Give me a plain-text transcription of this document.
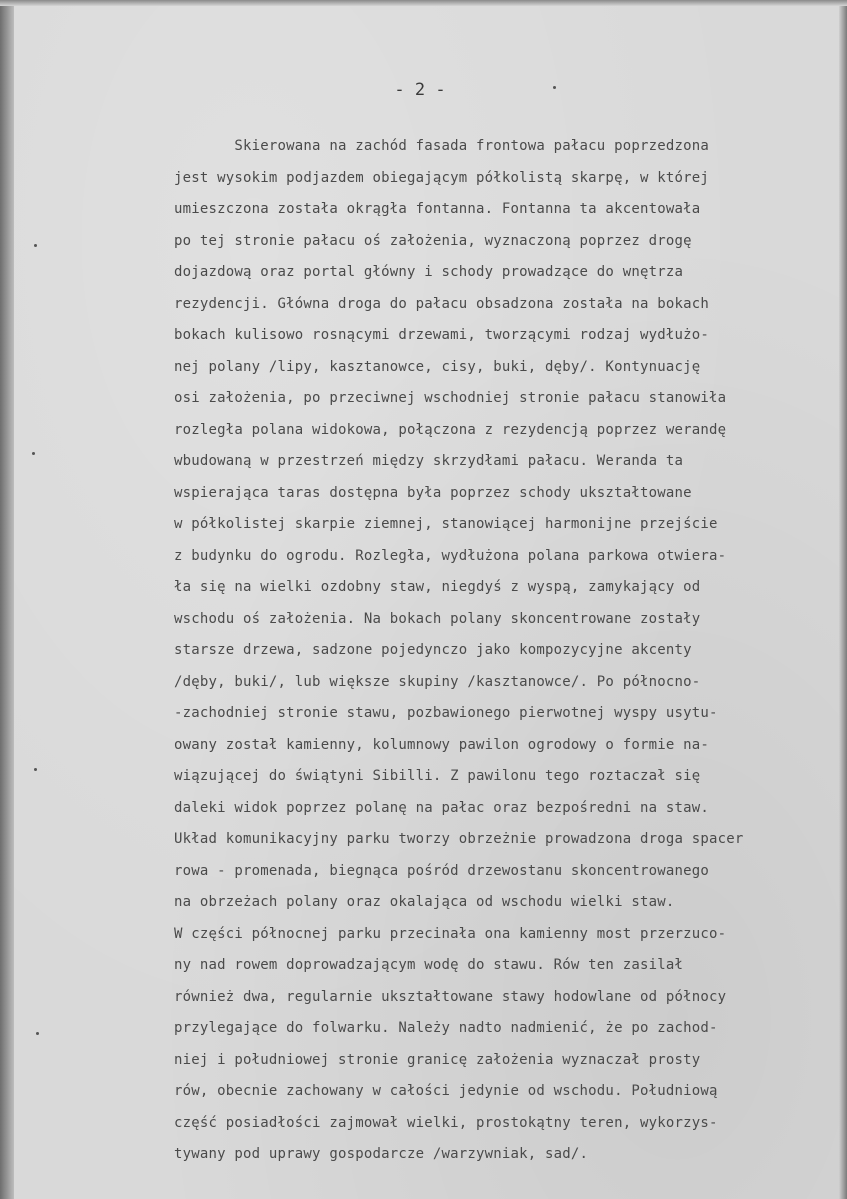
- 2 -
Skierowana na zachód fasada frontowa pałacu poprzedzona
jest wysokim podjazdem obiegającym półkolistą skarpę, w której
umieszczona została okrągła fontanna. Fontanna ta akcentowała
po tej stronie pałacu oś założenia, wyznaczoną poprzez drogę
dojazdową oraz portal główny i schody prowadzące do wnętrza
rezydencji. Główna droga do pałacu obsadzona została na bokach
bokach kulisowo rosnącymi drzewami, tworzącymi rodzaj wydłużo-
nej polany /lipy, kasztanowce, cisy, buki, dęby/. Kontynuację
osi założenia, po przeciwnej wschodniej stronie pałacu stanowiła
rozległa polana widokowa, połączona z rezydencją poprzez werandę
wbudowaną w przestrzeń między skrzydłami pałacu. Weranda ta
wspierająca taras dostępna była poprzez schody ukształtowane
w półkolistej skarpie ziemnej, stanowiącej harmonijne przejście
z budynku do ogrodu. Rozległa, wydłużona polana parkowa otwiera-
ła się na wielki ozdobny staw, niegdyś z wyspą, zamykający od
wschodu oś założenia. Na bokach polany skoncentrowane zostały
starsze drzewa, sadzone pojedynczo jako kompozycyjne akcenty
/dęby, buki/, lub większe skupiny /kasztanowce/. Po północno-
-zachodniej stronie stawu, pozbawionego pierwotnej wyspy usytu-
owany został kamienny, kolumnowy pawilon ogrodowy o formie na-
wiązującej do świątyni Sibilli. Z pawilonu tego roztaczał się
daleki widok poprzez polanę na pałac oraz bezpośredni na staw.
Układ komunikacyjny parku tworzy obrzeżnie prowadzona droga spacer
rowa - promenada, biegnąca pośród drzewostanu skoncentrowanego
na obrzeżach polany oraz okalająca od wschodu wielki staw.
W części północnej parku przecinała ona kamienny most przerzuco-
ny nad rowem doprowadzającym wodę do stawu. Rów ten zasilał
również dwa, regularnie ukształtowane stawy hodowlane od północy
przylegające do folwarku. Należy nadto nadmienić, że po zachod-
niej i południowej stronie granicę założenia wyznaczał prosty
rów, obecnie zachowany w całości jedynie od wschodu. Południową
część posiadłości zajmował wielki, prostokątny teren, wykorzys-
tywany pod uprawy gospodarcze /warzywniak, sad/.
